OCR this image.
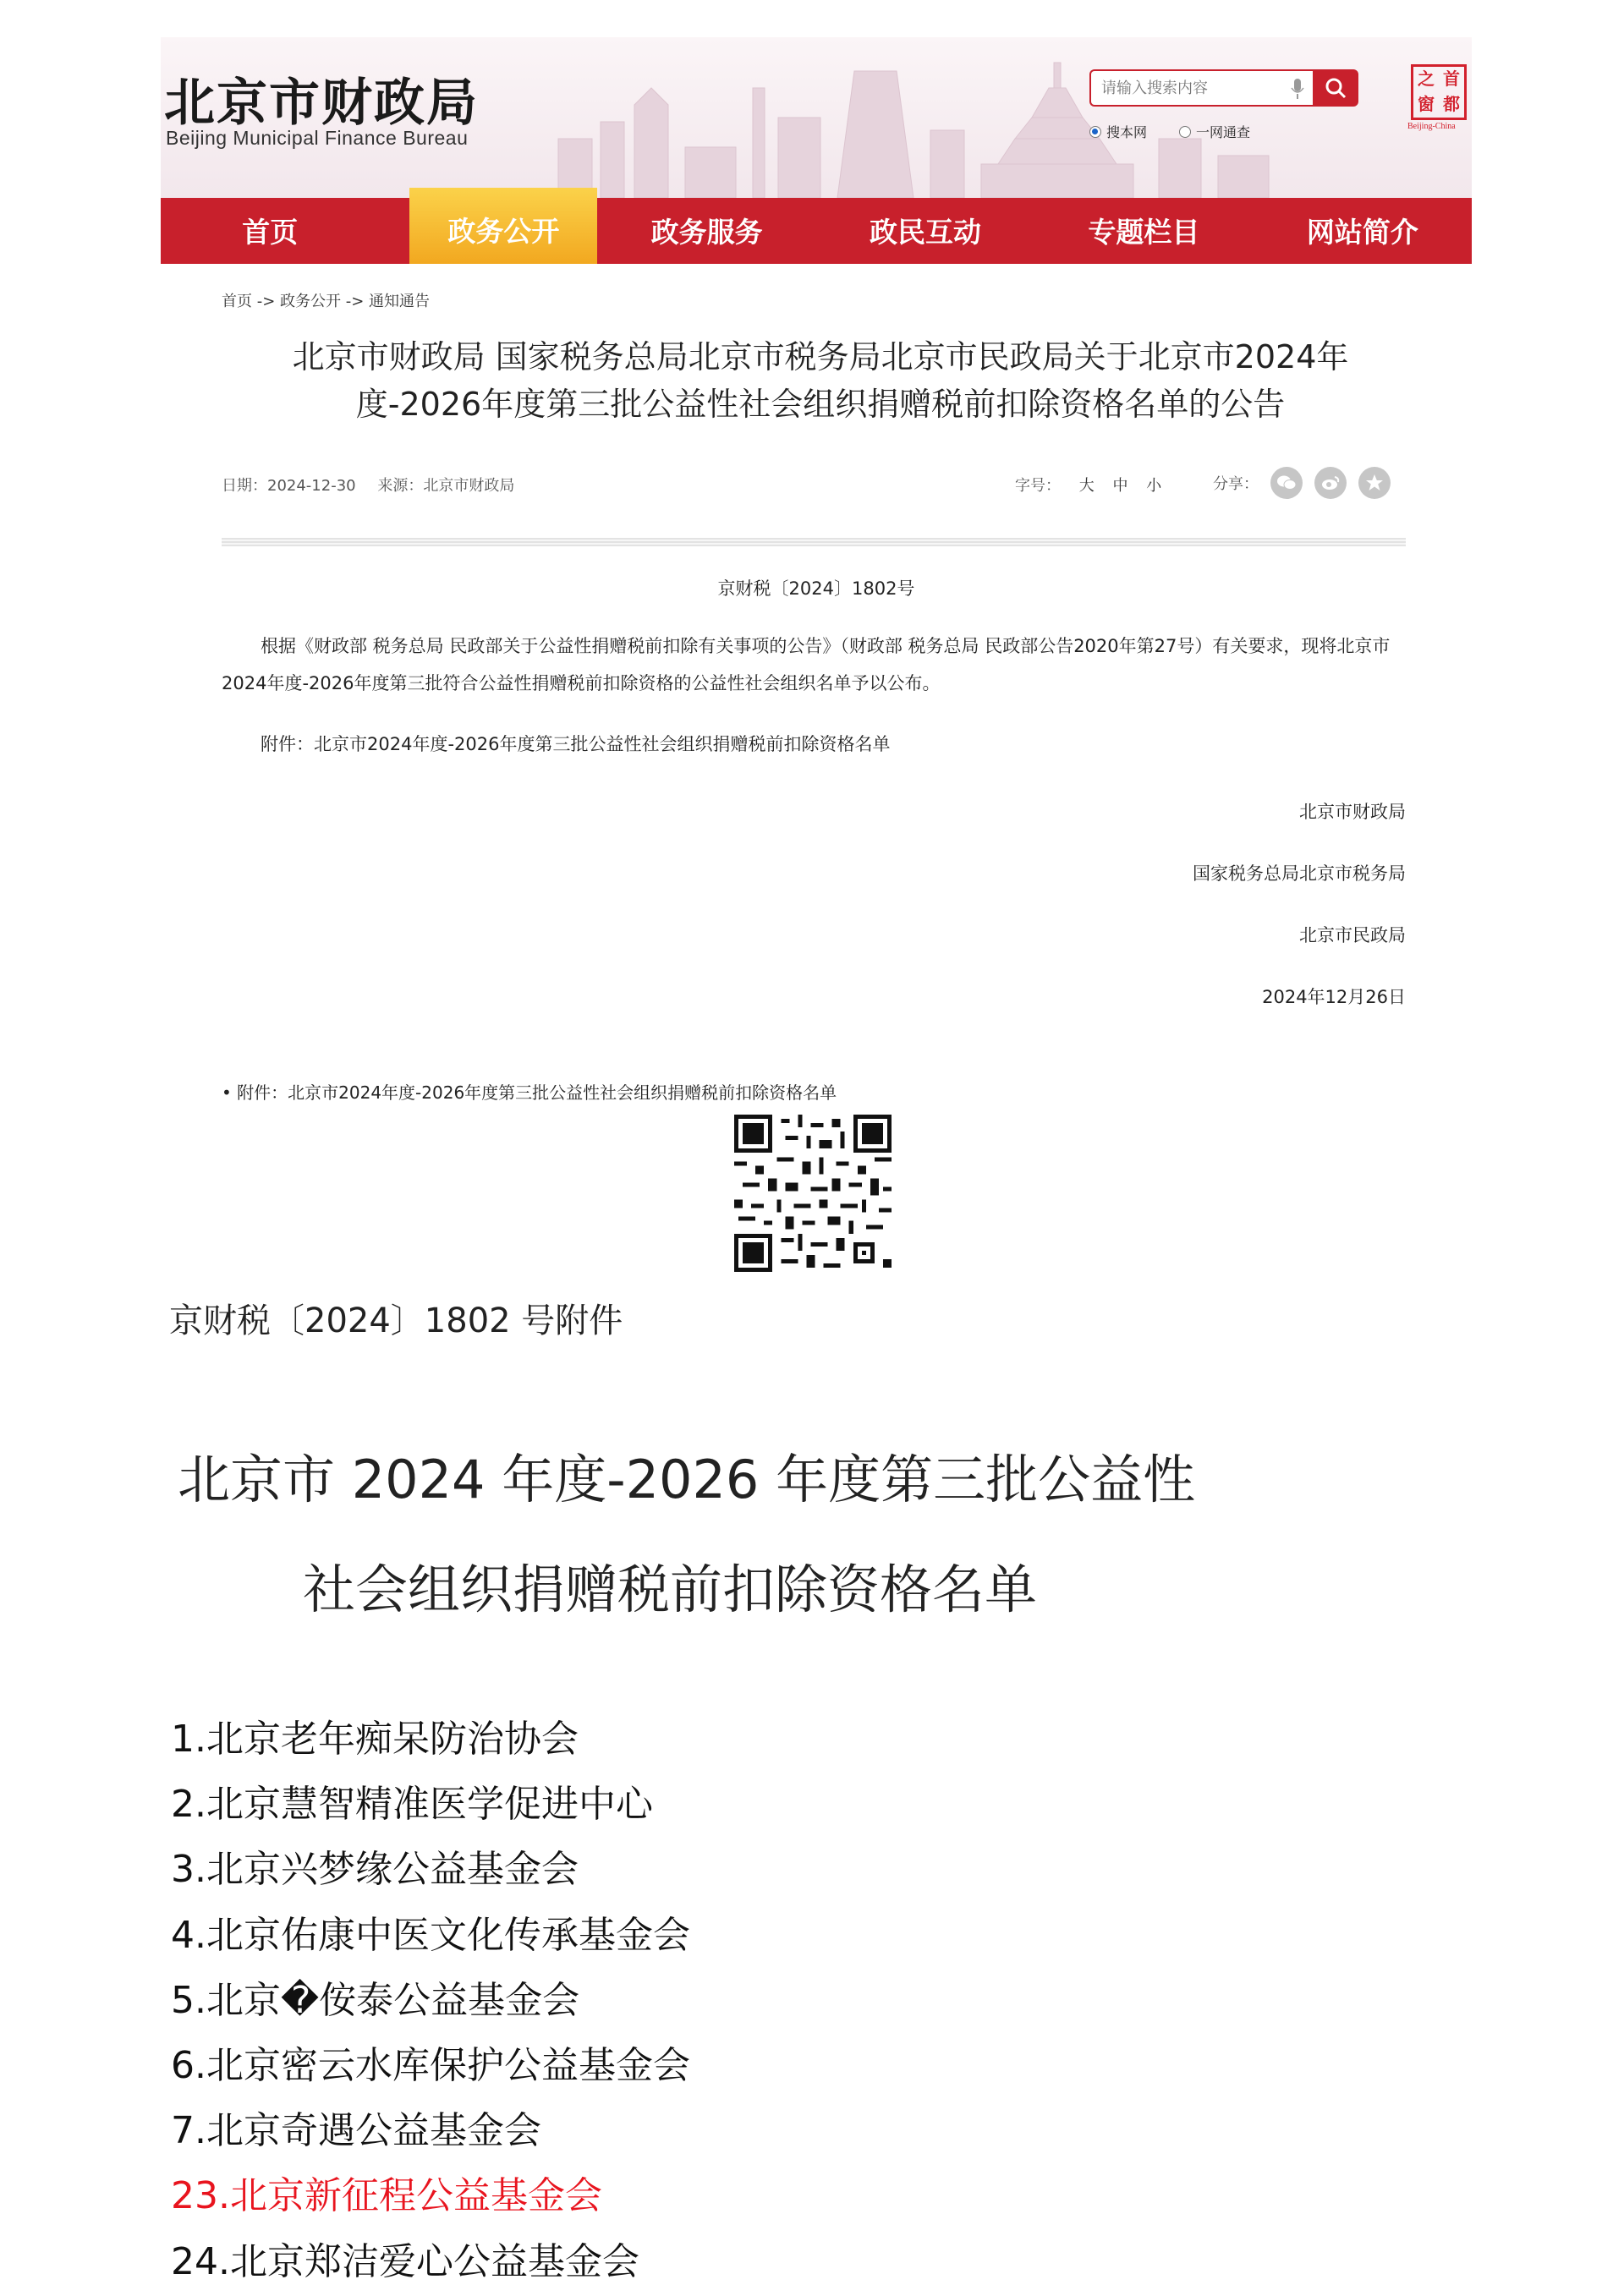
北京市财政局
Beijing Municipal Finance Bureau
请输入搜索内容	搜本网	一网通查
之 首
窗 都
Beijing-China
首页	政务公开	政务服务	政民互动	专题栏目	网站简介
首页 -> 政务公开 -> 通知通告
北京市财政局 国家税务总局北京市税务局北京市民政局关于北京市2024年
度-2026年度第三批公益性社会组织捐赠税前扣除资格名单的公告
日期：2024-12-30 来源：北京市财政局	字号： 大 中 小	分享：
京财税〔2024〕1802号
根据《财政部 税务总局 民政部关于公益性捐赠税前扣除有关事项的公告》（财政部 税务总局 民政部公告2020年第27号）有关要求，现将北京市2024年度-2026年度第三批符合公益性捐赠税前扣除资格的公益性社会组织名单予以公布。
附件：北京市2024年度-2026年度第三批公益性社会组织捐赠税前扣除资格名单
北京市财政局
国家税务总局北京市税务局
北京市民政局
2024年12月26日
• 附件：北京市2024年度-2026年度第三批公益性社会组织捐赠税前扣除资格名单
京财税〔2024〕1802 号附件
北京市 2024 年度-2026 年度第三批公益性
社会组织捐赠税前扣除资格名单
1.北京老年痴呆防治协会
2.北京慧智精准医学促进中心
3.北京兴梦缘公益基金会
4.北京佑康中医文化传承基金会
5.北京�侒泰公益基金会
6.北京密云水库保护公益基金会
7.北京奇遇公益基金会
23.北京新征程公益基金会
24.北京郑洁爱心公益基金会
